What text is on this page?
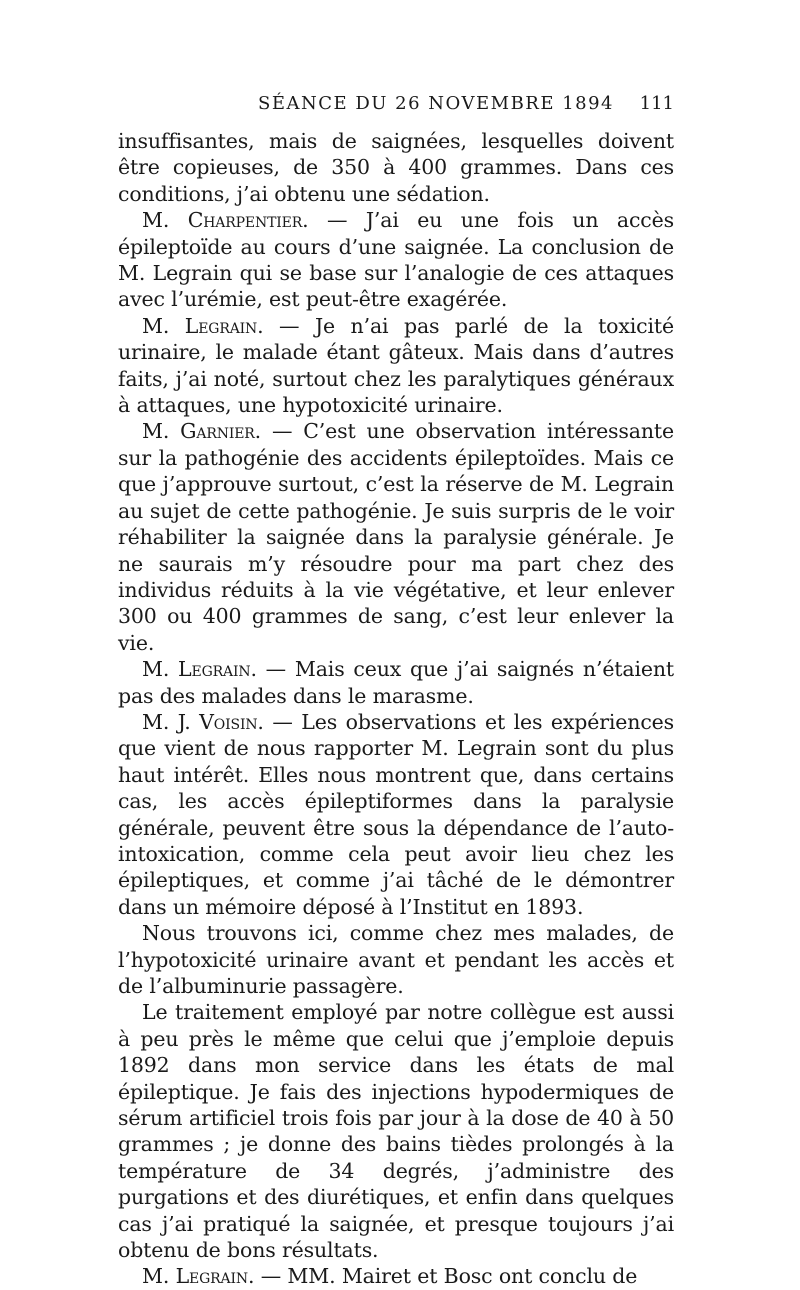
SÉANCE DU 26 NOVEMBRE 1894 111

insuffisantes, mais de saignées, lesquelles doivent être copieuses, de 350 à 400 grammes. Dans ces conditions, j’ai obtenu une sédation.

M. Charpentier. — J’ai eu une fois un accès épileptoïde au cours d’une saignée. La conclusion de M. Legrain qui se base sur l’analogie de ces attaques avec l’urémie, est peut-être exagérée.

M. Legrain. — Je n’ai pas parlé de la toxicité urinaire, le malade étant gâteux. Mais dans d’autres faits, j’ai noté, surtout chez les paralytiques généraux à attaques, une hypotoxicité urinaire.

M. Garnier. — C’est une observation intéressante sur la pathogénie des accidents épileptoïdes. Mais ce que j’approuve surtout, c’est la réserve de M. Legrain au sujet de cette pathogénie. Je suis surpris de le voir réhabiliter la saignée dans la paralysie générale. Je ne saurais m’y résoudre pour ma part chez des individus réduits à la vie végétative, et leur enlever 300 ou 400 grammes de sang, c’est leur enlever la vie.

M. Legrain. — Mais ceux que j’ai saignés n’étaient pas des malades dans le marasme.

M. J. Voisin. — Les observations et les expériences que vient de nous rapporter M. Legrain sont du plus haut intérêt. Elles nous montrent que, dans certains cas, les accès épileptiformes dans la paralysie générale, peuvent être sous la dépendance de l’auto-intoxication, comme cela peut avoir lieu chez les épileptiques, et comme j’ai tâché de le démontrer dans un mémoire déposé à l’Institut en 1893.

Nous trouvons ici, comme chez mes malades, de l’hypotoxicité urinaire avant et pendant les accès et de l’albuminurie passagère.

Le traitement employé par notre collègue est aussi à peu près le même que celui que j’emploie depuis 1892 dans mon service dans les états de mal épileptique. Je fais des injections hypodermiques de sérum artificiel trois fois par jour à la dose de 40 à 50 grammes ; je donne des bains tièdes prolongés à la température de 34 degrés, j’administre des purgations et des diurétiques, et enfin dans quelques cas j’ai pratiqué la saignée, et presque toujours j’ai obtenu de bons résultats.

M. Legrain. — MM. Mairet et Bosc ont conclu de
